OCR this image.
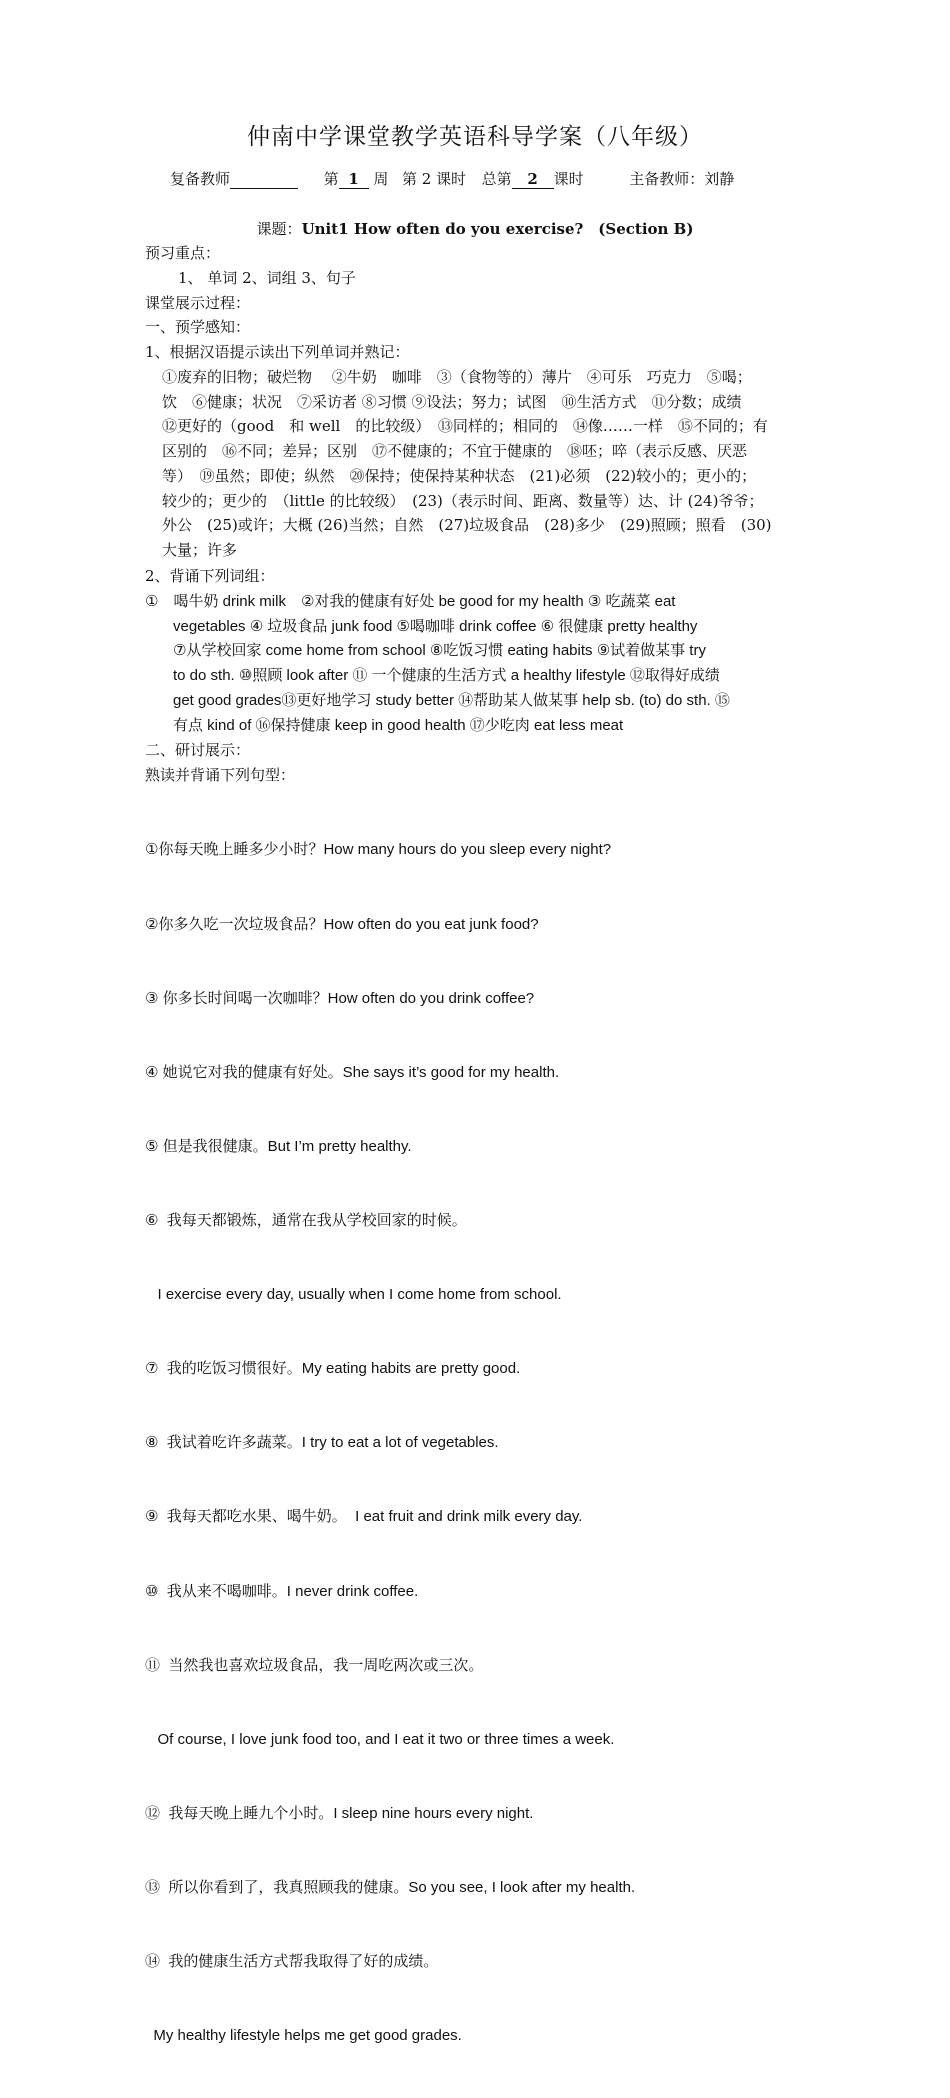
仲南中学课堂教学英语科导学案（八年级）
复备教师	第 1 周 第 2 课时 总第 2 课时	主备教师：刘静
课题：Unit1 How often do you exercise?　(Section B)
预习重点：
1、 单词 2、词组 3、句子
课堂展示过程：
一、预学感知：
1、根据汉语提示读出下列单词并熟记：
①废弃的旧物；破烂物　 ②牛奶　咖啡　③（食物等的）薄片　④可乐　巧克力　⑤喝；
饮　⑥健康；状况　⑦采访者 ⑧习惯 ⑨设法；努力；试图　⑩生活方式　⑪分数；成绩
⑫更好的（good　和 well　的比较级）　⑬同样的；相同的　⑭像……一样　⑮不同的；有
区别的　⑯不同；差异；区别　⑰不健康的；不宜于健康的　⑱呸；啐（表示反感、厌恶
等）　⑲虽然；即使；纵然　⑳保持；使保持某种状态　(21)必须　(22)较小的；更小的；
较少的；更少的　（little 的比较级）　(23)（表示时间、距离、数量等）达、计 (24)爷爷；
外公　(25)或许；大概 (26)当然；自然　(27)垃圾食品　(28)多少　(29)照顾；照看　(30)
大量；许多
2、背诵下列词组：
①　喝牛奶 drink milk　②对我的健康有好处 be good for my health ③ 吃蔬菜 eat
vegetables ④ 垃圾食品 junk food ⑤喝咖啡 drink coffee ⑥ 很健康 pretty healthy
⑦从学校回家 come home from school ⑧吃饭习惯 eating habits ⑨试着做某事 try
to do sth. ⑩照顾 look after ⑪ 一个健康的生活方式 a healthy lifestyle ⑫取得好成绩
get good grades⑬更好地学习 study better ⑭帮助某人做某事 help sb. (to) do sth. ⑮
有点 kind of ⑯保持健康 keep in good health ⑰少吃肉 eat less meat
二、研讨展示：
熟读并背诵下列句型：

①你每天晚上睡多少小时？How many hours do you sleep every night?

②你多久吃一次垃圾食品？How often do you eat junk food?

③ 你多长时间喝一次咖啡？How often do you drink coffee?

④ 她说它对我的健康有好处。She says it’s good for my health.

⑤ 但是我很健康。But I’m pretty healthy.

⑥  我每天都锻炼，通常在我从学校回家的时候。

I exercise every day, usually when I come home from school.

⑦  我的吃饭习惯很好。My eating habits are pretty good.

⑧  我试着吃许多蔬菜。I try to eat a lot of vegetables.

⑨  我每天都吃水果、喝牛奶。  I eat fruit and drink milk every day.

⑩  我从来不喝咖啡。I never drink coffee.

⑪  当然我也喜欢垃圾食品，我一周吃两次或三次。

Of course, I love junk food too, and I eat it two or three times a week.

⑫  我每天晚上睡九个小时。I sleep nine hours every night.

⑬  所以你看到了，我真照顾我的健康。So you see, I look after my health.

⑭  我的健康生活方式帮我取得了好的成绩。

My healthy lifestyle helps me get good grades.
